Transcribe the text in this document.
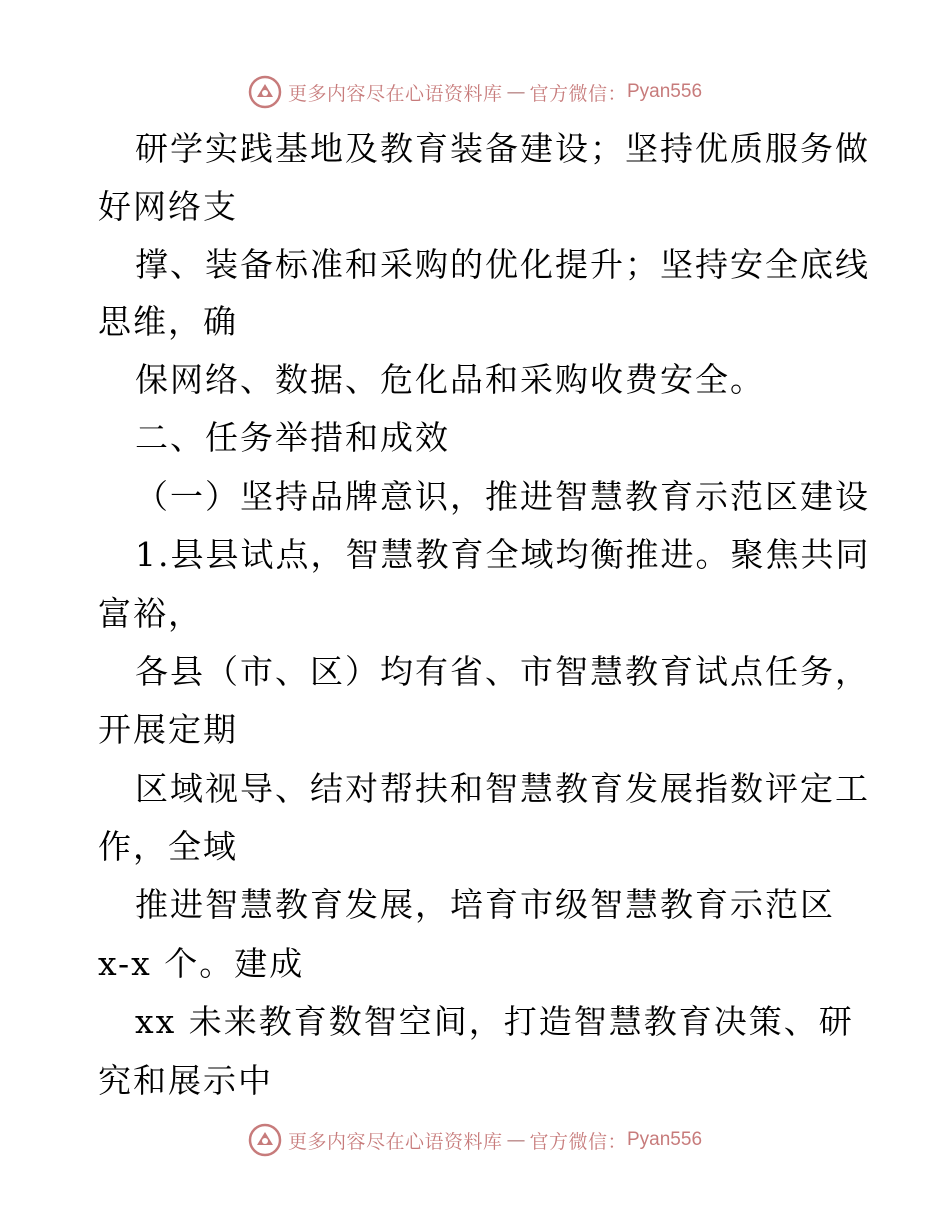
更多内容尽在心语资料库 — 官方微信： Pyan556
研学实践基地及教育装备建设；坚持优质服务做
好网络支
撑、装备标准和采购的优化提升；坚持安全底线
思维，确
保网络、数据、危化品和采购收费安全。
二、任务举措和成效
（一）坚持品牌意识，推进智慧教育示范区建设
1.县县试点，智慧教育全域均衡推进。聚焦共同
富裕，
各县（市、区）均有省、市智慧教育试点任务，
开展定期
区域视导、结对帮扶和智慧教育发展指数评定工
作，全域
推进智慧教育发展，培育市级智慧教育示范区
x-x 个。建成
xx 未来教育数智空间，打造智慧教育决策、研
究和展示中
更多内容尽在心语资料库 — 官方微信： Pyan556
